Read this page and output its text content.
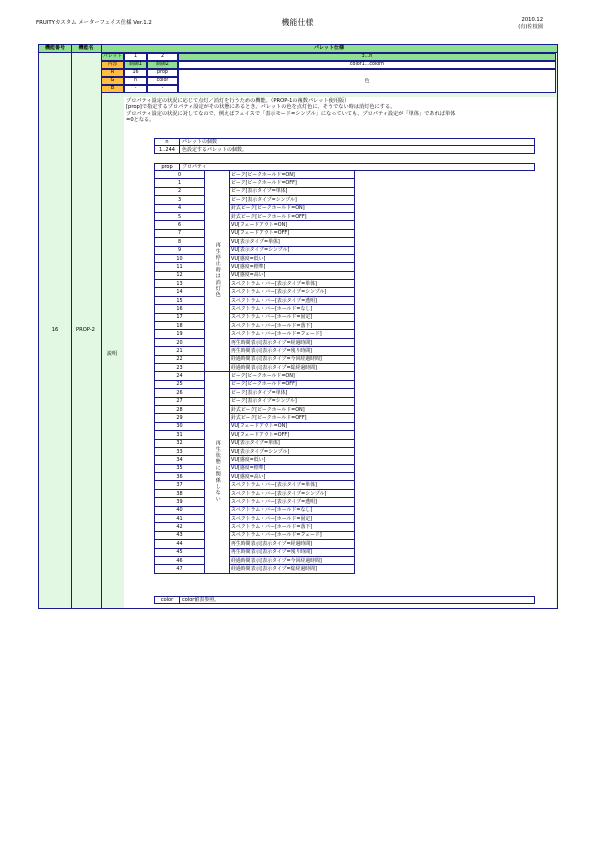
FRUITYカスタム メーターフェイス仕様 Ver.1.2	機能仕様	2010.12
(有)佐枝園
機能番号	機能名	パレット仕様
16	PROP-2
説明
パレット	1	2	3...n
内容	制御1	制御2	color1...colorn
R	16	prop
色
G	n	color
B	-	-
プロパティ設定の状況に応じて点灯／消灯を行うための機能。（PROP-1の複数パレット使用版）
[prop]で指定するプロパティ設定がその状態にあるとき、パレットの色を点灯色に、そうでない時は消灯色にする。
プロパティ設定の状況に対してなので、例えばフェイスで「表示モード=シンプル」になっていても、プロパティ設定が「単体」であれば単体
=0となる。
n	パレットの個数
1..244	色設定するパレットの個数。
prop	プロパティ
0	再生停止時は消灯色	ピーク[ピークホールド=ON]
1		ピーク[ピークホールド=OFF]
2		ピーク[表示タイプ=単体]
3		ピーク[表示タイプ=シンプル]
4		針式ピーク[ピークホールド=ON]
5		針式ピーク[ピークホールド=OFF]
6		VU[フェードアウト=ON]
7		VU[フェードアウト=OFF]
8		VU[表示タイプ=単体]
9		VU[表示タイプ=シンプル]
10		VU[感度=低い]
11		VU[感度=標準]
12		VU[感度=高い]
13		スペクトラム・バー[表示タイプ=単体]
14		スペクトラム・バー[表示タイプ=シンプル]
15		スペクトラム・バー[表示タイプ=透明]
16		スペクトラム・バー[ホールド=なし]
17		スペクトラム・バー[ホールド=固定]
18		スペクトラム・バー[ホールド=落下]
19		スペクトラム・バー[ホールド=フェード]
20		再生時間表示[表示タイプ=経過時間]
21		再生時間表示[表示タイプ=残り時間]
22		経過時間表示[表示タイプ=今回経過時間]
23		経過時間表示[表示タイプ=総経過時間]
24	再生状態に関係しない	ピーク[ピークホールド=ON]
25		ピーク[ピークホールド=OFF]
26		ピーク[表示タイプ=単体]
27		ピーク[表示タイプ=シンプル]
28		針式ピーク[ピークホールド=ON]
29		針式ピーク[ピークホールド=OFF]
30		VU[フェードアウト=ON]
31		VU[フェードアウト=OFF]
32		VU[表示タイプ=単体]
33		VU[表示タイプ=シンプル]
34		VU[感度=低い]
35		VU[感度=標準]
36		VU[感度=高い]
37		スペクトラム・バー[表示タイプ=単体]
38		スペクトラム・バー[表示タイプ=シンプル]
39		スペクトラム・バー[表示タイプ=透明]
40		スペクトラム・バー[ホールド=なし]
41		スペクトラム・バー[ホールド=固定]
42		スペクトラム・バー[ホールド=落下]
43		スペクトラム・バー[ホールド=フェード]
44		再生時間表示[表示タイプ=経過時間]
45		再生時間表示[表示タイプ=残り時間]
46		経過時間表示[表示タイプ=今回経過時間]
47		経過時間表示[表示タイプ=総経過時間]
color	color値表参照。
